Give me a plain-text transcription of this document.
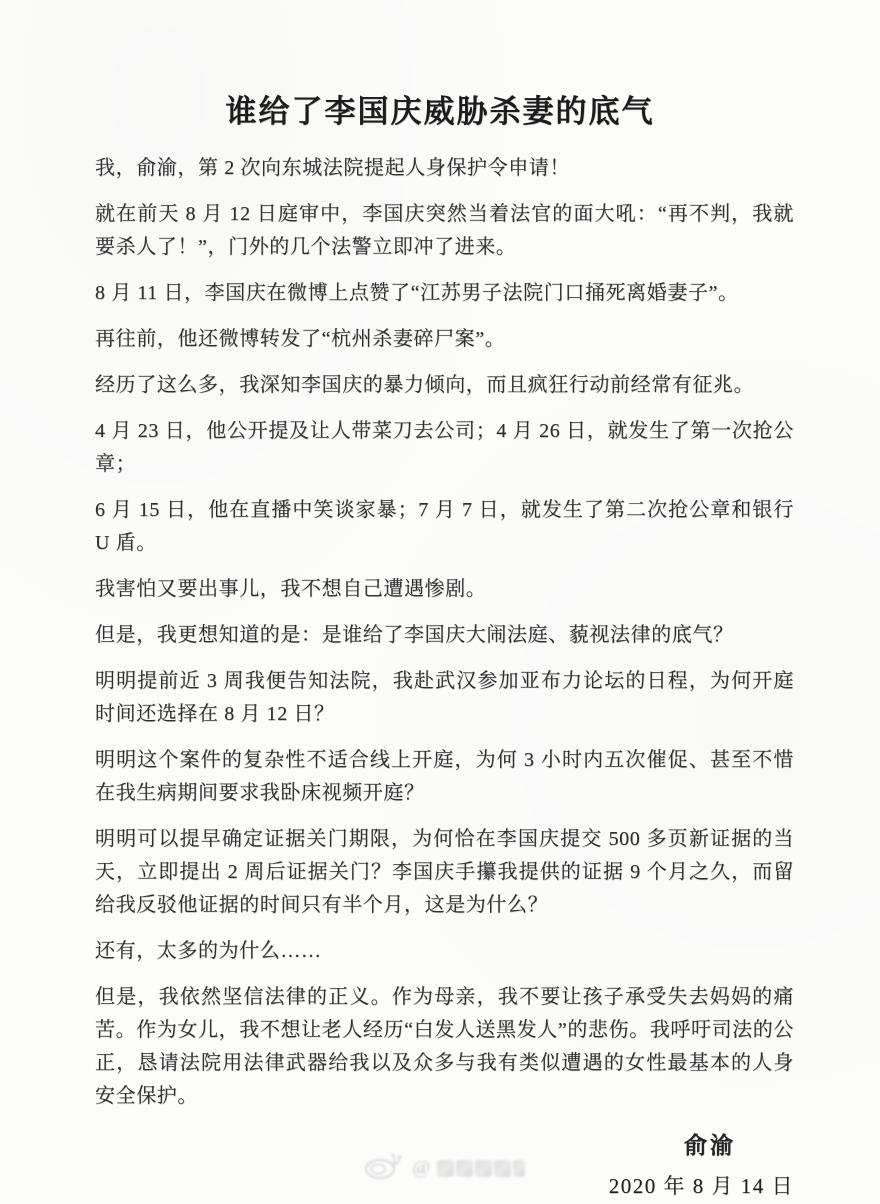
谁给了李国庆威胁杀妻的底气

我，俞渝，第 2 次向东城法院提起人身保护令申请！

就在前天 8 月 12 日庭审中，李国庆突然当着法官的面大吼：“再不判，我就要杀人了！”，门外的几个法警立即冲了进来。

8 月 11 日，李国庆在微博上点赞了“江苏男子法院门口捅死离婚妻子”。

再往前，他还微博转发了“杭州杀妻碎尸案”。

经历了这么多，我深知李国庆的暴力倾向，而且疯狂行动前经常有征兆。

4 月 23 日，他公开提及让人带菜刀去公司；4 月 26 日，就发生了第一次抢公章；

6 月 15 日，他在直播中笑谈家暴；7 月 7 日，就发生了第二次抢公章和银行 U 盾。

我害怕又要出事儿，我不想自己遭遇惨剧。

但是，我更想知道的是：是谁给了李国庆大闹法庭、藐视法律的底气？

明明提前近 3 周我便告知法院，我赴武汉参加亚布力论坛的日程，为何开庭时间还选择在 8 月 12 日？

明明这个案件的复杂性不适合线上开庭，为何 3 小时内五次催促、甚至不惜在我生病期间要求我卧床视频开庭？

明明可以提早确定证据关门期限，为何恰在李国庆提交 500 多页新证据的当天，立即提出 2 周后证据关门？李国庆手攥我提供的证据 9 个月之久，而留给我反驳他证据的时间只有半个月，这是为什么？

还有，太多的为什么……

但是，我依然坚信法律的正义。作为母亲，我不要让孩子承受失去妈妈的痛苦。作为女儿，我不想让老人经历“白发人送黑发人”的悲伤。我呼吁司法的公正，恳请法院用法律武器给我以及众多与我有类似遭遇的女性最基本的人身安全保护。

俞渝
2020 年 8 月 14 日
@
